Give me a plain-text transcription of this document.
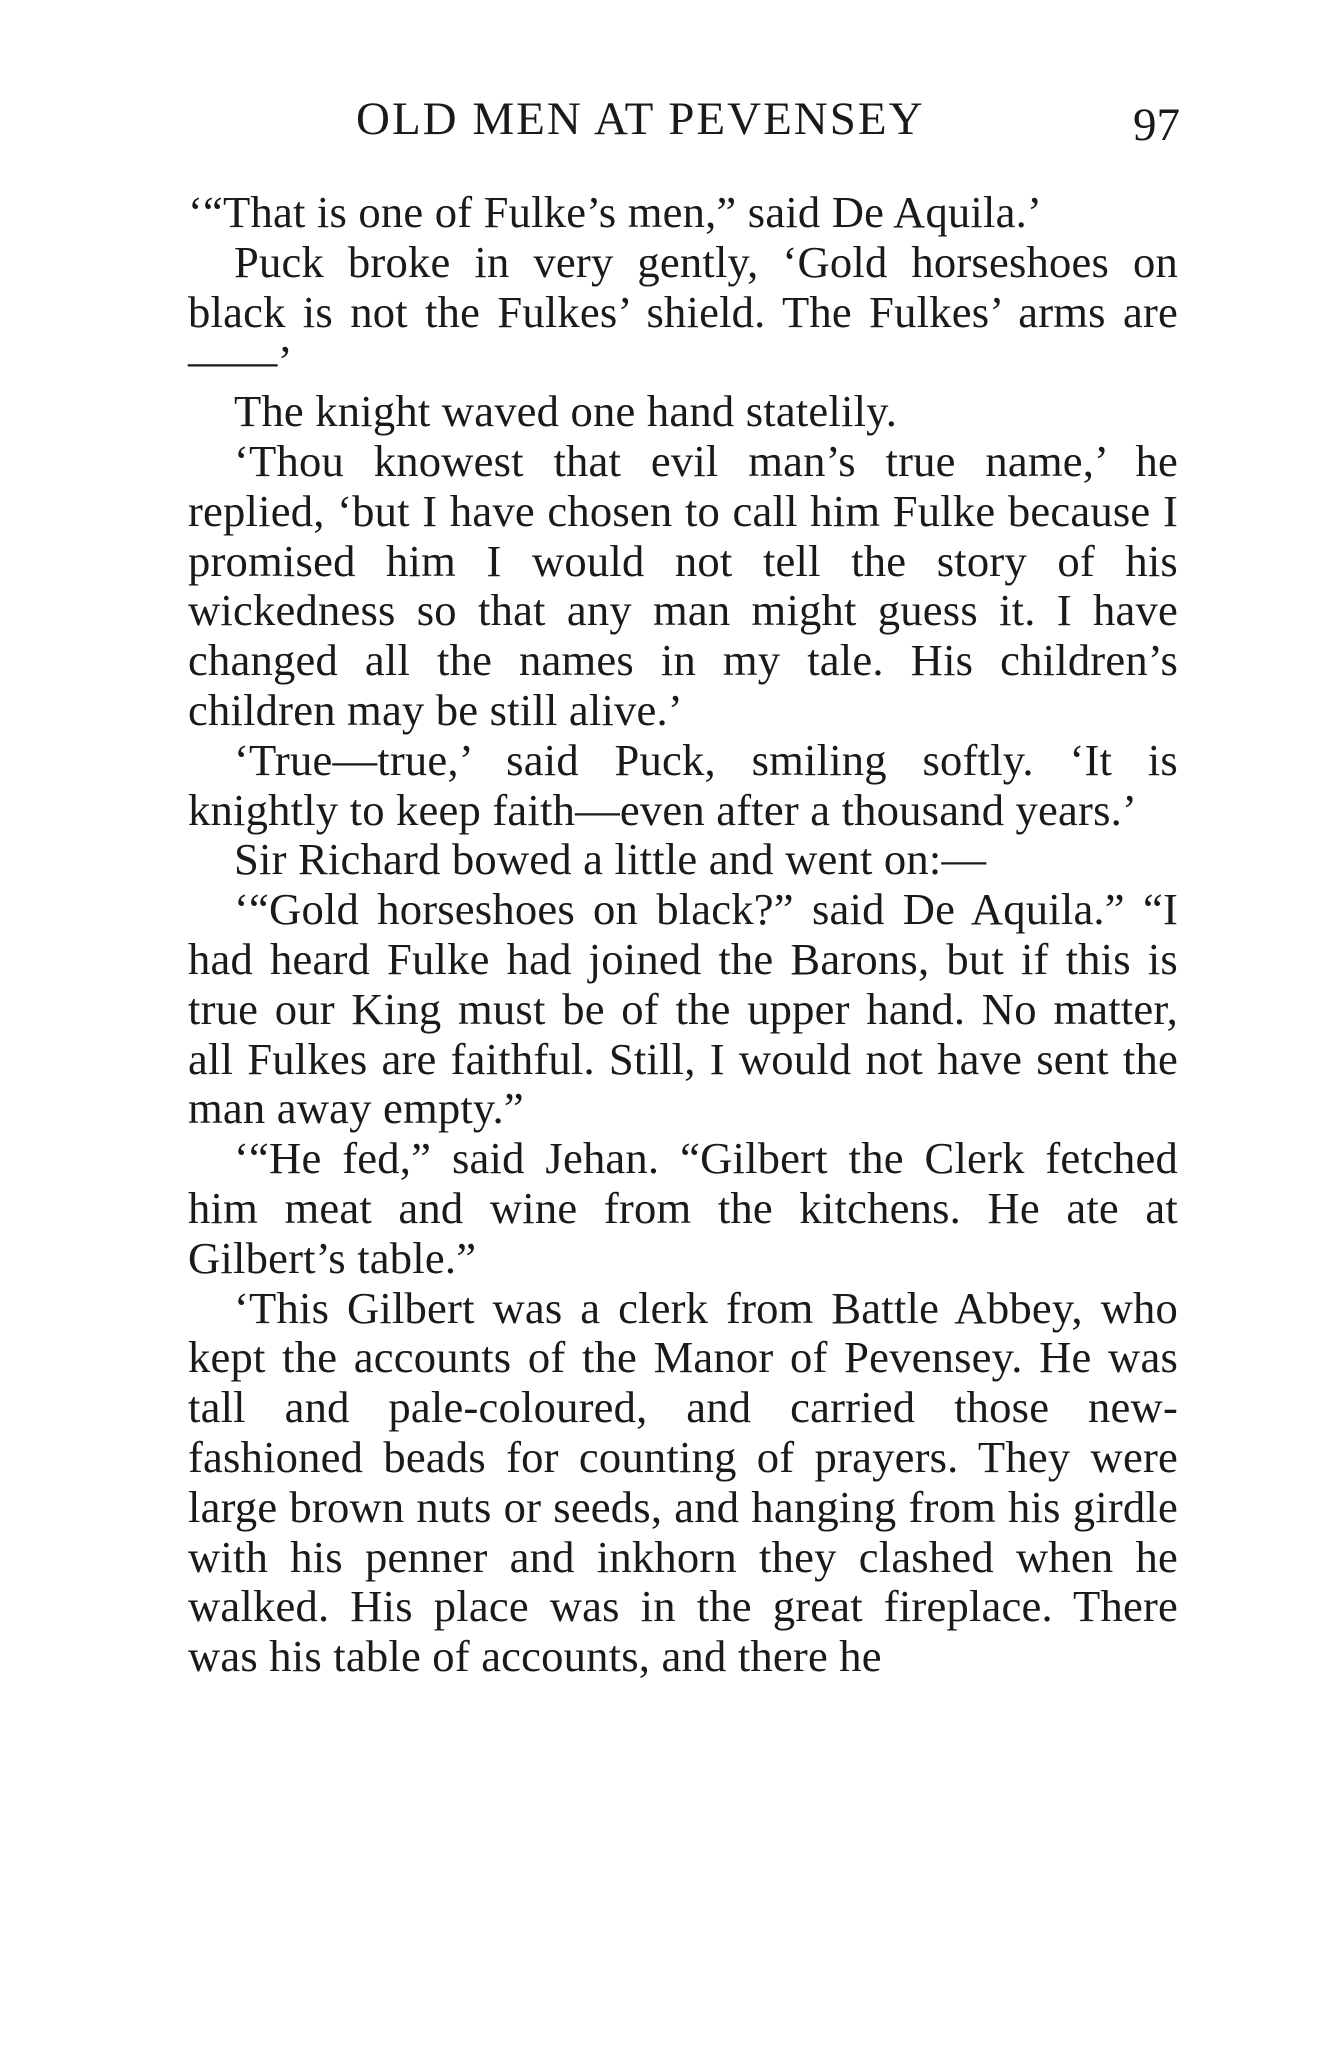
OLD MEN AT PEVENSEY	97

‘“That is one of Fulke’s men,” said De Aquila.’

Puck broke in very gently, ‘Gold horseshoes on black is not the Fulkes’ shield. The Fulkes’ arms are——’

The knight waved one hand statelily.

‘Thou knowest that evil man’s true name,’ he replied, ‘but I have chosen to call him Fulke because I promised him I would not tell the story of his wickedness so that any man might guess it. I have changed all the names in my tale. His children’s children may be still alive.’

‘True—true,’ said Puck, smiling softly. ‘It is knightly to keep faith—even after a thousand years.’

Sir Richard bowed a little and went on:—

‘“Gold horseshoes on black?” said De Aquila.” “I had heard Fulke had joined the Barons, but if this is true our King must be of the upper hand. No matter, all Fulkes are faithful. Still, I would not have sent the man away empty.”

‘“He fed,” said Jehan. “Gilbert the Clerk fetched him meat and wine from the kitchens. He ate at Gilbert’s table.”

‘This Gilbert was a clerk from Battle Abbey, who kept the accounts of the Manor of Pevensey. He was tall and pale-coloured, and carried those new-fashioned beads for counting of prayers. They were large brown nuts or seeds, and hanging from his girdle with his penner and inkhorn they clashed when he walked. His place was in the great fireplace. There was his table of accounts, and there he
